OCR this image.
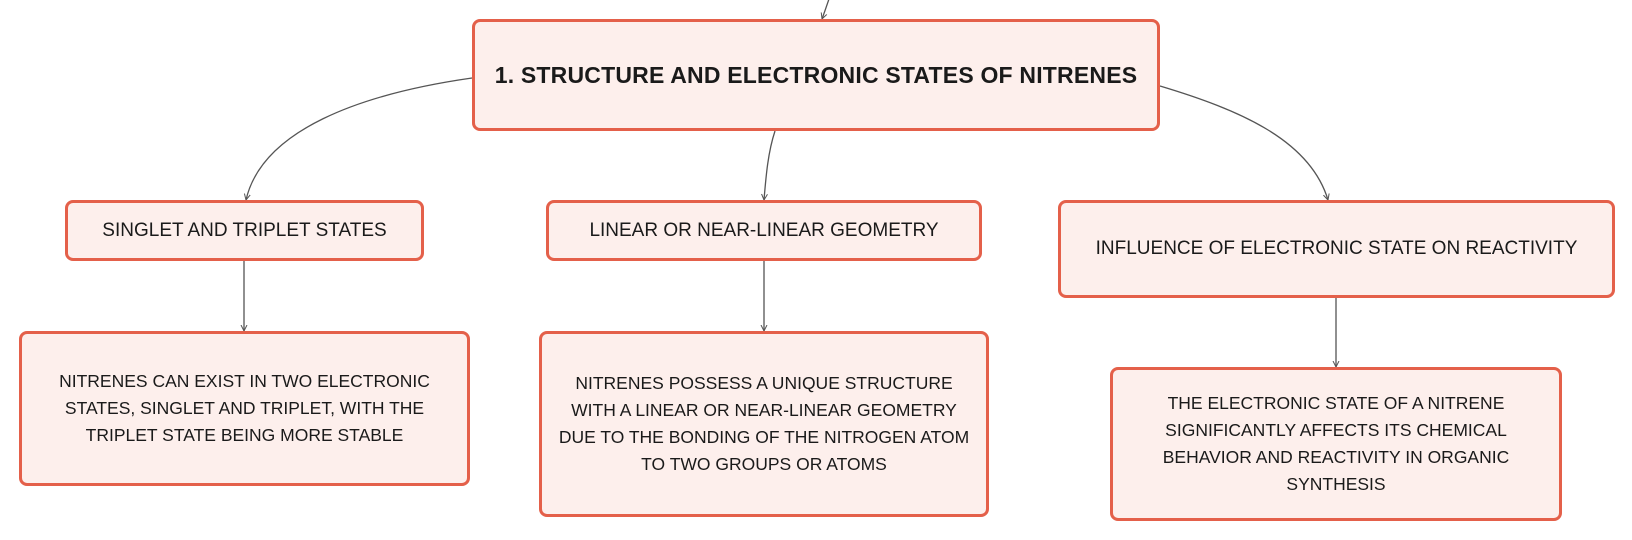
1. STRUCTURE AND ELECTRONIC STATES OF NITRENES
SINGLET AND TRIPLET STATES	LINEAR OR NEAR-LINEAR GEOMETRY
INFLUENCE OF ELECTRONIC STATE ON REACTIVITY
NITRENES CAN EXIST IN TWO ELECTRONIC STATES, SINGLET AND TRIPLET, WITH THE TRIPLET STATE BEING MORE STABLE
NITRENES POSSESS A UNIQUE STRUCTURE WITH A LINEAR OR NEAR-LINEAR GEOMETRY DUE TO THE BONDING OF THE NITROGEN ATOM TO TWO GROUPS OR ATOMS
THE ELECTRONIC STATE OF A NITRENE SIGNIFICANTLY AFFECTS ITS CHEMICAL BEHAVIOR AND REACTIVITY IN ORGANIC SYNTHESIS
